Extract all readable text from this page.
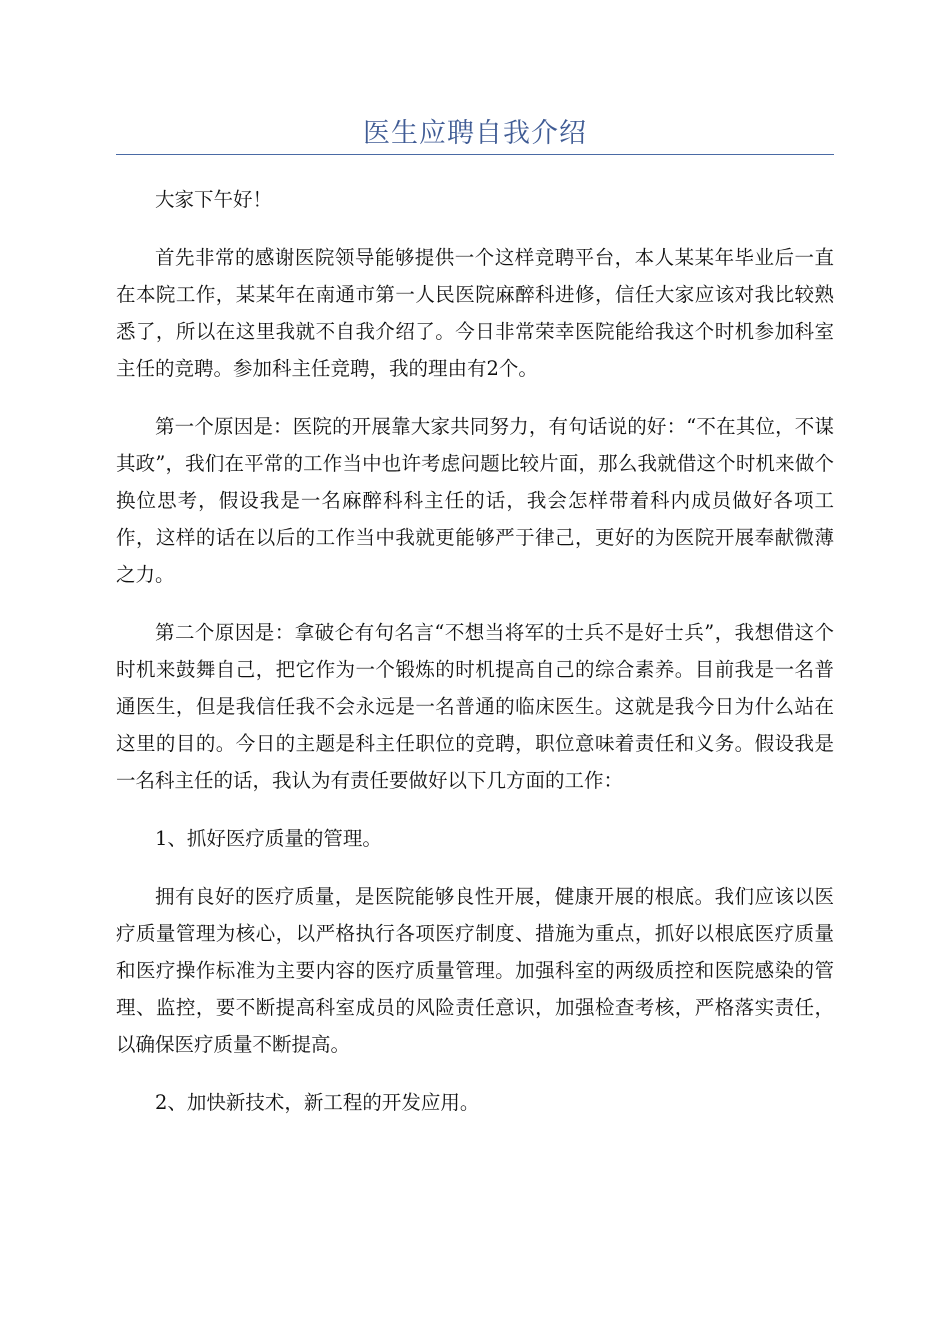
医生应聘自我介绍

大家下午好！

首先非常的感谢医院领导能够提供一个这样竞聘平台，本人某某年毕业后一直在本院工作，某某年在南通市第一人民医院麻醉科进修，信任大家应该对我比较熟悉了，所以在这里我就不自我介绍了。今日非常荣幸医院能给我这个时机参加科室主任的竞聘。参加科主任竞聘，我的理由有2个。

第一个原因是：医院的开展靠大家共同努力，有句话说的好：“不在其位，不谋其政”，我们在平常的工作当中也许考虑问题比较片面，那么我就借这个时机来做个换位思考，假设我是一名麻醉科科主任的话，我会怎样带着科内成员做好各项工作，这样的话在以后的工作当中我就更能够严于律己，更好的为医院开展奉献微薄之力。

第二个原因是：拿破仑有句名言“不想当将军的士兵不是好士兵”，我想借这个时机来鼓舞自己，把它作为一个锻炼的时机提高自己的综合素养。目前我是一名普通医生，但是我信任我不会永远是一名普通的临床医生。这就是我今日为什么站在这里的目的。今日的主题是科主任职位的竞聘，职位意味着责任和义务。假设我是一名科主任的话，我认为有责任要做好以下几方面的工作：

1、抓好医疗质量的管理。

拥有良好的医疗质量，是医院能够良性开展，健康开展的根底。我们应该以医疗质量管理为核心，以严格执行各项医疗制度、措施为重点，抓好以根底医疗质量和医疗操作标准为主要内容的医疗质量管理。加强科室的两级质控和医院感染的管理、监控，要不断提高科室成员的风险责任意识，加强检查考核，严格落实责任，以确保医疗质量不断提高。

2、加快新技术，新工程的开发应用。
